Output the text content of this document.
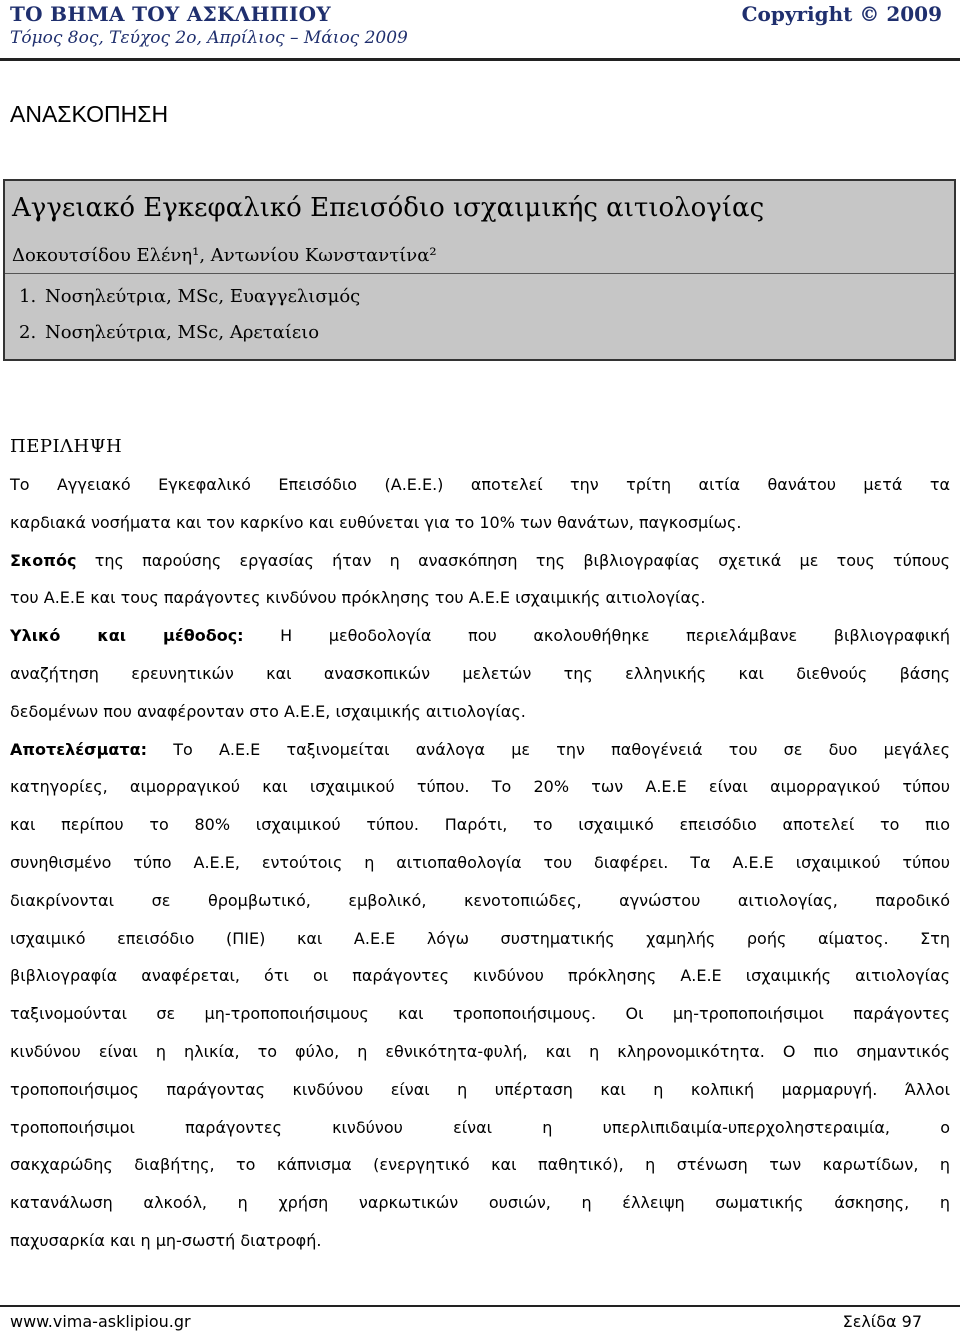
ΤΟ ΒΗΜΑ ΤΟΥ ΑΣΚΛΗΠΙΟΥ
Τόμος 8ος, Τεύχος 2ο, Απρίλιος – Μάιος 2009
Copyright © 2009
ΑΝΑΣΚΟΠΗΣΗ
Αγγειακό Εγκεφαλικό Επεισόδιο ισχαιμικής αιτιολογίας
Δοκουτσίδου Ελένη¹, Αντωνίου Κωνσταντίνα²
1. Νοσηλεύτρια, MSc, Ευαγγελισμός
2. Νοσηλεύτρια, MSc, Αρεταίειο
ΠΕΡΙΛΗΨΗ
Το Αγγειακό Εγκεφαλικό Επεισόδιο (Α.Ε.Ε.) αποτελεί την τρίτη αιτία θανάτου μετά τα
καρδιακά νοσήματα και τον καρκίνο και ευθύνεται για το 10% των θανάτων, παγκοσμίως.
Σκοπός της παρούσης εργασίας ήταν η ανασκόπηση της βιβλιογραφίας σχετικά με τους τύπους
του Α.Ε.Ε και τους παράγοντες κινδύνου πρόκλησης του Α.Ε.Ε ισχαιμικής αιτιολογίας.
Υλικό και μέθοδος: Η μεθοδολογία που ακολουθήθηκε περιελάμβανε βιβλιογραφική
αναζήτηση ερευνητικών και ανασκοπικών μελετών της ελληνικής και διεθνούς βάσης
δεδομένων που αναφέρονταν στο Α.Ε.Ε, ισχαιμικής αιτιολογίας.
Αποτελέσματα: Το Α.Ε.Ε ταξινομείται ανάλογα με την παθογένειά του σε δυο μεγάλες
κατηγορίες, αιμορραγικού και ισχαιμικού τύπου. Το 20% των Α.Ε.Ε είναι αιμορραγικού τύπου
και περίπου το 80% ισχαιμικού τύπου. Παρότι, το ισχαιμικό επεισόδιο αποτελεί το πιο
συνηθισμένο τύπο Α.Ε.Ε, εντούτοις η αιτιοπαθολογία του διαφέρει. Τα Α.Ε.Ε ισχαιμικού τύπου
διακρίνονται σε θρομβωτικό, εμβολικό, κενοτοπιώδες, αγνώστου αιτιολογίας, παροδικό
ισχαιμικό επεισόδιο (ΠΙΕ) και Α.Ε.Ε λόγω συστηματικής χαμηλής ροής αίματος. Στη
βιβλιογραφία αναφέρεται, ότι οι παράγοντες κινδύνου πρόκλησης Α.Ε.Ε ισχαιμικής αιτιολογίας
ταξινομούνται σε μη-τροποποιήσιμους και τροποποιήσιμους. Οι μη-τροποποιήσιμοι παράγοντες
κινδύνου είναι η ηλικία, το φύλο, η εθνικότητα-φυλή, και η κληρονομικότητα. Ο πιο σημαντικός
τροποποιήσιμος παράγοντας κινδύνου είναι η υπέρταση και η κολπική μαρμαρυγή. Άλλοι
τροποποιήσιμοι παράγοντες κινδύνου είναι η υπερλιπιδαιμία-υπερχοληστεραιμία, ο
σακχαρώδης διαβήτης, το κάπνισμα (ενεργητικό και παθητικό), η στένωση των καρωτίδων, η
κατανάλωση αλκοόλ, η χρήση ναρκωτικών ουσιών, η έλλειψη σωματικής άσκησης, η
παχυσαρκία και η μη-σωστή διατροφή.
www.vima-asklipiou.gr	Σελίδα 97
